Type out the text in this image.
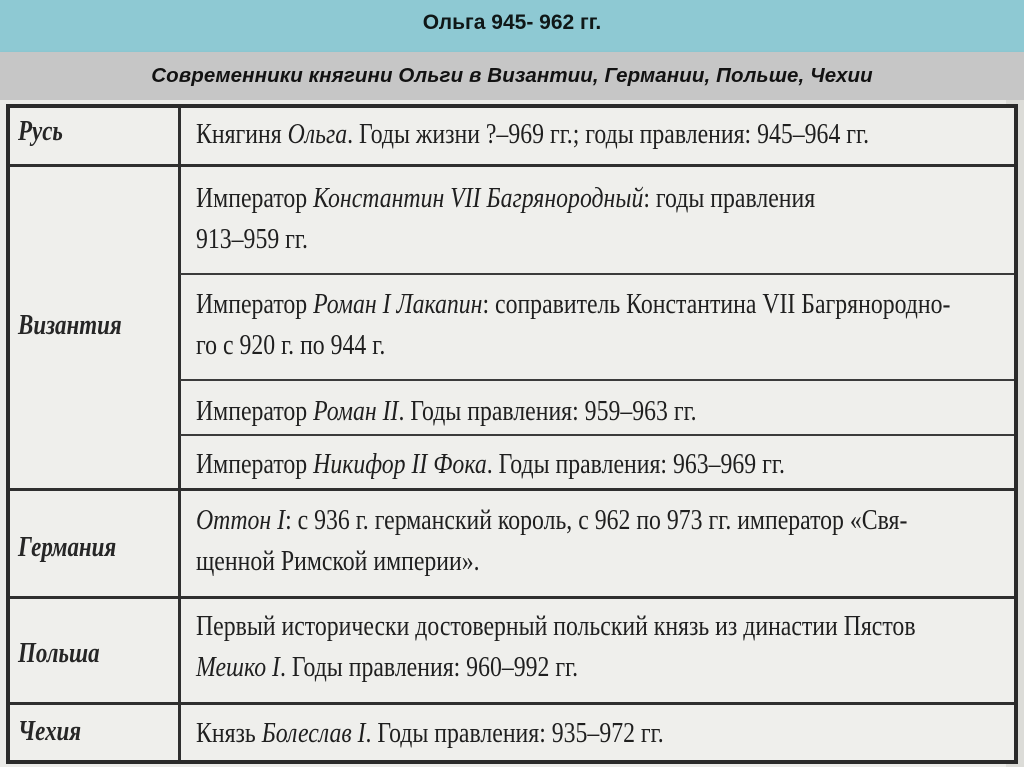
Ольга 945- 962 гг.
Современники княгини Ольги в Византии, Германии, Польше, Чехии
Русь	Княгиня Ольга. Годы жизни ?–969 гг.; годы правления: 945–964 гг.
Византия
Император Константин VII Багрянородный: годы правления
913–959 гг.
Император Роман I Лакапин: соправитель Константина VII Багрянородно-
го с 920 г. по 944 г.
Император Роман II. Годы правления: 959–963 гг.
Император Никифор II Фока. Годы правления: 963–969 гг.
Германия
Оттон I: с 936 г. германский король, с 962 по 973 гг. император «Свя-
щенной Римской империи».
Польша
Первый исторически достоверный польский князь из династии Пястов
Мешко I. Годы правления: 960–992 гг.
Чехия	Князь Болеслав I. Годы правления: 935–972 гг.
